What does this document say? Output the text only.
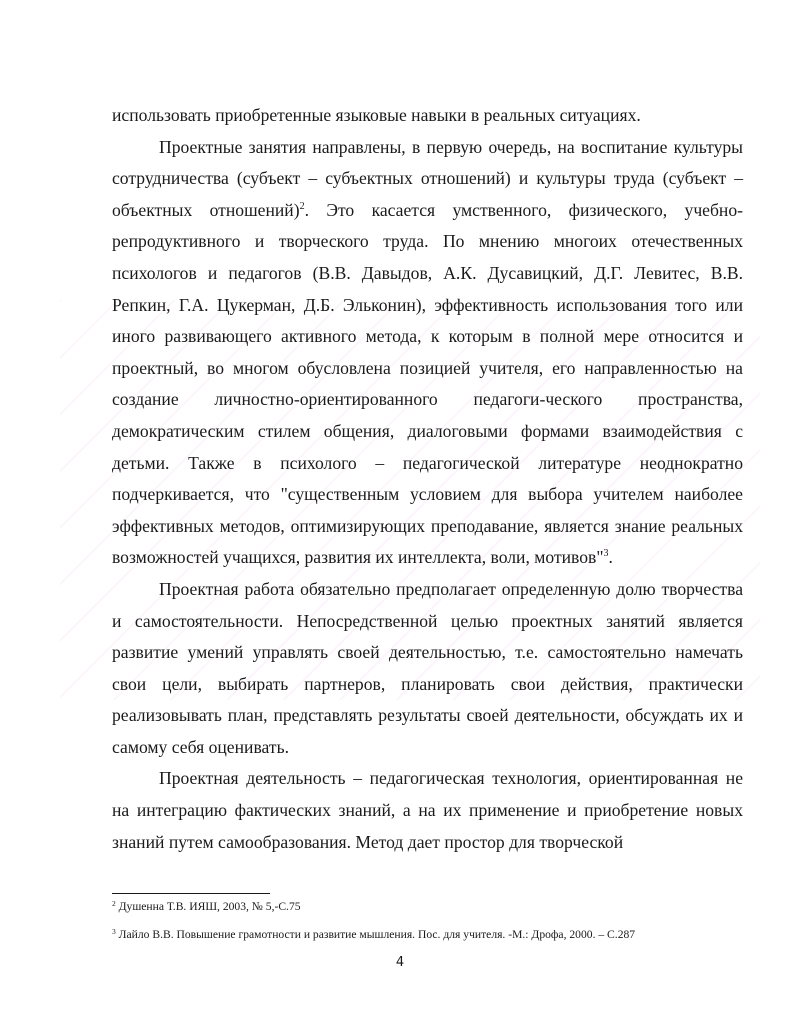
использовать приобретенные языковые навыки в реальных ситуациях.

Проектные занятия направлены, в первую очередь, на воспитание культуры сотрудничества (субъект – субъектных отношений) и культуры труда (субъект – объектных отношений)$^2$. Это касается умственного, физического, учебно-репродуктивного и творческого труда. По мнению многоих отечественных психологов и педагогов (В.В. Давыдов, А.К. Дусавицкий, Д.Г. Левитес, В.В. Репкин, Г.А. Цукерман, Д.Б. Эльконин), эффективность использования того или иного развивающего активного метода, к которым в полной мере относится и проектный, во многом обусловлена позицией учителя, его направленностью на создание личностно-ориентированного педагоги-ческого пространства, демократическим стилем общения, диалоговыми формами взаимодействия с детьми. Также в психолого – педагогической литературе неоднократно подчеркивается, что "существенным условием для выбора учителем наиболее эффективных методов, оптимизирующих преподавание, является знание реальных возможностей учащихся, развития их интеллекта, воли, мотивов"$^3$.

Проектная работа обязательно предполагает определенную долю творчества и самостоятельности. Непосредственной целью проектных занятий является развитие умений управлять своей деятельностью, т.е. самостоятельно намечать свои цели, выбирать партнеров, планировать свои действия, практически реализовывать план, представлять результаты своей деятельности, обсуждать их и самому себя оценивать.

Проектная деятельность – педагогическая технология, ориентированная не на интеграцию фактических знаний, а на их применение и приобретение новых знаний путем самообразования. Метод дает простор для творческой

$^2$ Душенна Т.В. ИЯШ, 2003, № 5,-С.75
$^3$ Лайло В.В. Повышение грамотности и развитие мышления. Пос. для учителя. -М.: Дрофа, 2000. – С.287
4
